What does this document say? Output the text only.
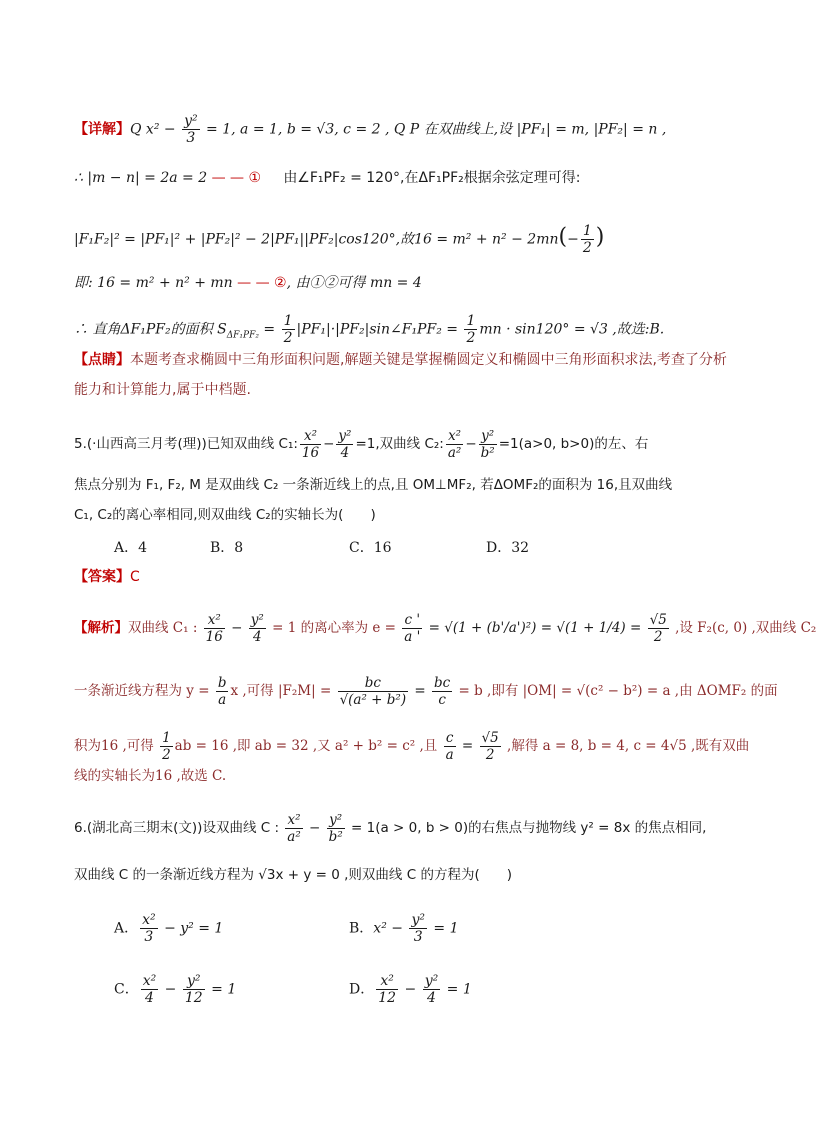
【详解】Q $x^2 - \frac{\text{y²}}{3} = 1$, a = 1, b = √3, c = 2 , Q P 在双曲线上,设 |PF₁| = m, |PF₂| = n ,
∴ |m − n| = 2a = 2 — — ① 由∠F₁PF₂ = 120°,在ΔF₁PF₂根据余弦定理可得:
|F₁F₂|² = |PF₁|² + |PF₂|² − 2|PF₁||PF₂|cos120°,故$16 = m^2 + n^2 - 2mn(- \frac{1}{2}$ )
即: 16 = m² + n² + mn — — ②, 由①②可得 mn = 4
∴ 直角ΔF₁PF₂的面积 $S_{\Delta F_1PF_2} = \frac{1}{2}$ |PF₁|·|PF₂|sin∠F₁PF₂ = $\frac{1}{2}$ mn · sin120° = √3 ,故选:B.
【点睛】本题考查求椭圆中三角形面积问题,解题关键是掌握椭圆定义和椭圆中三角形面积求法,考查了分析
能力和计算能力,属于中档题.
5.(·山西高三月考(理))已知双曲线 C₁: $\frac{\text{x²}}{16} - \frac{\text{y²}}{4} =1$,双曲线 C₂: $\frac{\text{x²}}{\text{a²}} - \frac{\text{y²}}{\text{b²}} =1(a>0$, b>0)的左、右
焦点分别为 F₁, F₂, M 是双曲线 C₂ 一条渐近线上的点,且 OM⊥MF₂, 若ΔOMF₂的面积为 16,且双曲线
C₁, C₂的离心率相同,则双曲线 C₂的实轴长为(　　)
A．4	B．8	C．16	D．32
【答案】C
【解析】双曲线 C₁ : $\frac{\text{x²}}{16} - \frac{\text{y²}}{4} = 1$ 的离心率为 $e = \frac{c '}{a '} = √(1 + (b'/a')^2) = √(1 + 1/4) = \frac{√5}{2}$ ,设 F₂(c, 0) ,双曲线 C₂
一条渐近线方程为 $y = \frac{b}{a}$ x ,可得 $|F_2M| = \frac{bc}{\text{√(a² + b²)}} = \frac{bc}{c} = b$ ,即有 |OM| = √(c² − b²) = a ,由 ΔOMF₂ 的面
积为16 ,可得 $\frac{1}{2}$ ab = 16 ,即 ab = 32 ,又 a² + b² = c² ,且 $\frac{c}{a} = \frac{√5}{2}$ ,解得 a = 8, b = 4, c = 4√5 ,既有双曲
线的实轴长为16 ,故选 C.
6.(湖北高三期末(文))设双曲线 C : $\frac{\text{x²}}{\text{a²}} - \frac{\text{y²}}{\text{b²}} = 1(a > 0$, b > 0)的右焦点与抛物线 y² = 8x 的焦点相同,
双曲线 C 的一条渐近线方程为 √3x + y = 0 ,则双曲线 C 的方程为(　　)
A． $\frac{\text{x²}}{3} - y^2 = 1$	B．$x^2 - \frac{\text{y²}}{3} = 1$
C． $\frac{\text{x²}}{4} - \frac{\text{y²}}{12} = 1$	D． $\frac{\text{x²}}{12} - \frac{\text{y²}}{4} = 1$
